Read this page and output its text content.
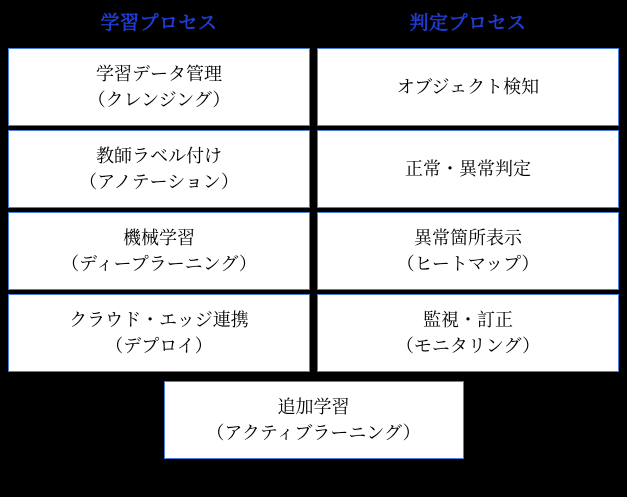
学習プロセス
学習データ管理
（クレンジング）
教師ラベル付け
（アノテーション）
機械学習
（ディープラーニング）
クラウド・エッジ連携
（デプロイ）
判定プロセス
オブジェクト検知
正常・異常判定
異常箇所表示
（ヒートマップ）
監視・訂正
（モニタリング）
追加学習
（アクティブラーニング）
